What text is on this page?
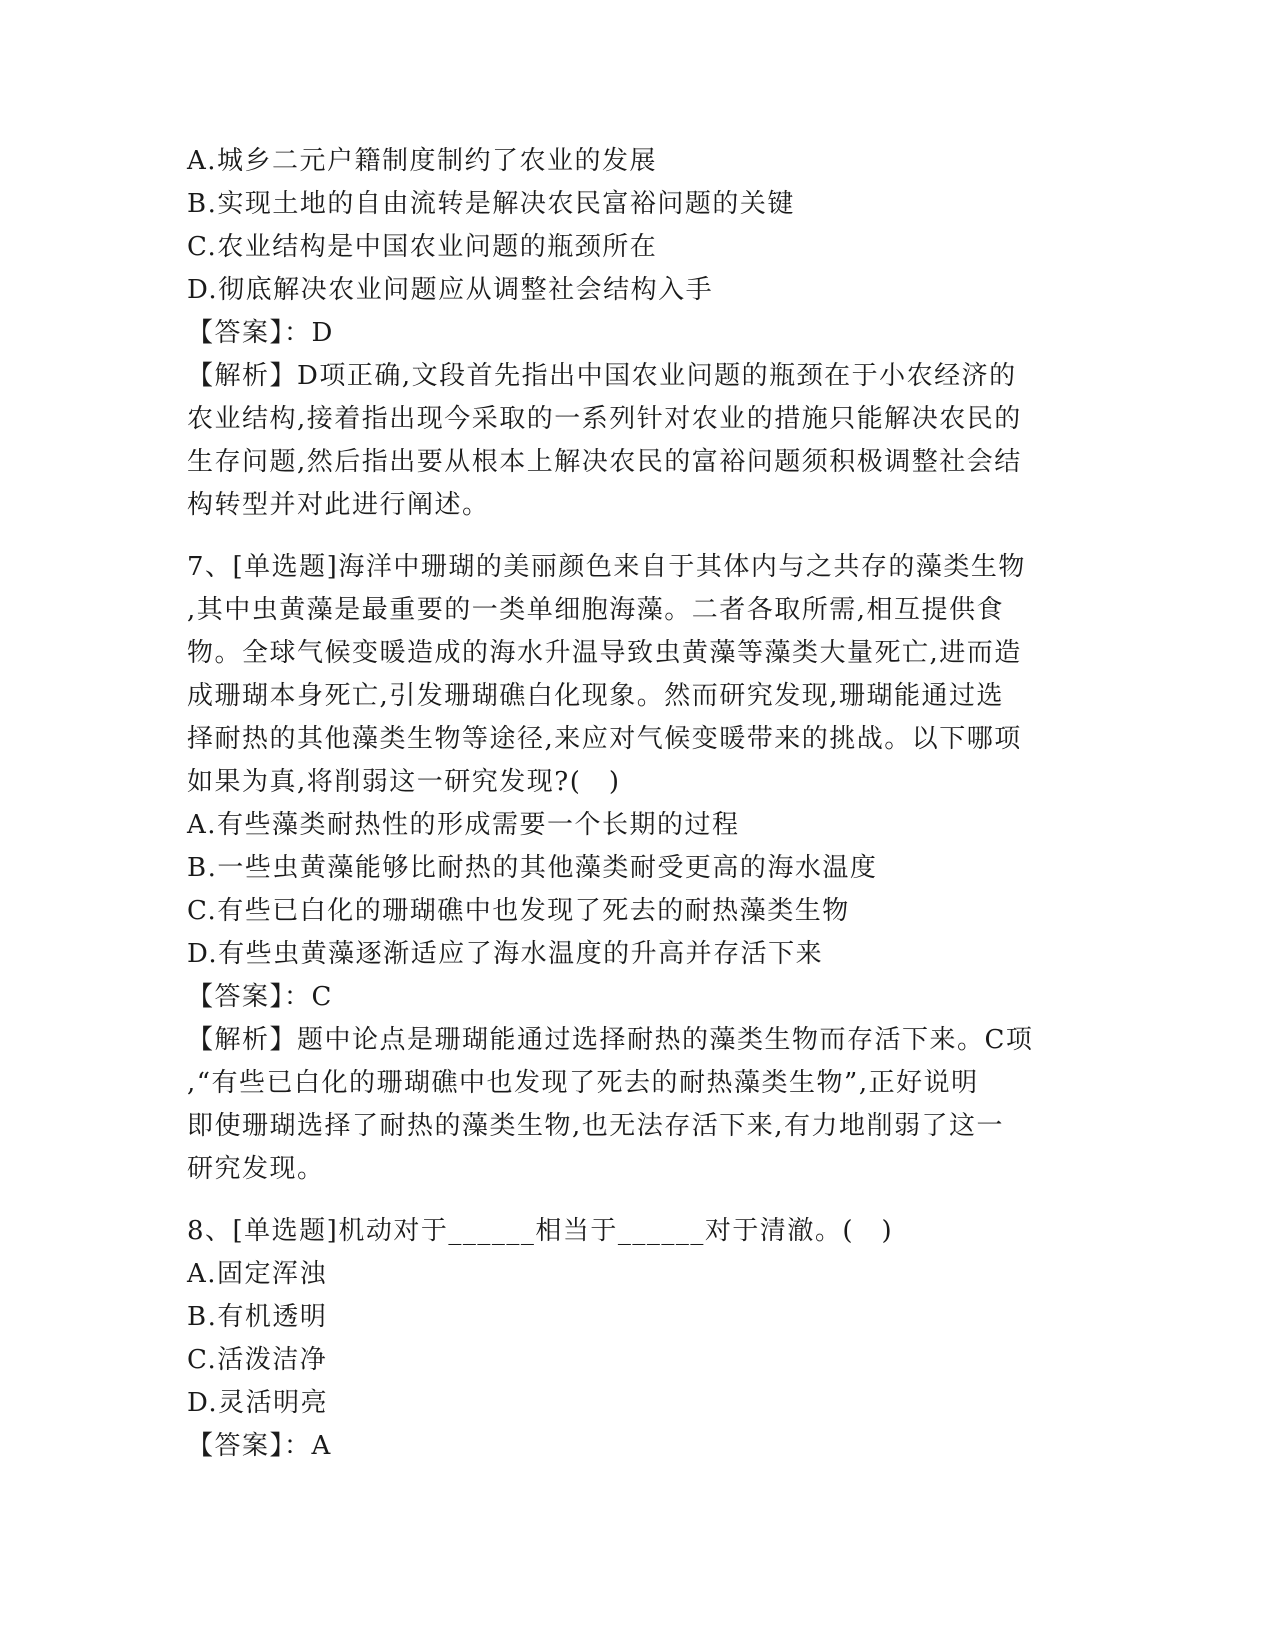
A.城乡二元户籍制度制约了农业的发展
B.实现土地的自由流转是解决农民富裕问题的关键
C.农业结构是中国农业问题的瓶颈所在
D.彻底解决农业问题应从调整社会结构入手
【答案】：D
【解析】D项正确,文段首先指出中国农业问题的瓶颈在于小农经济的
农业结构,接着指出现今采取的一系列针对农业的措施只能解决农民的
生存问题,然后指出要从根本上解决农民的富裕问题须积极调整社会结
构转型并对此进行阐述。
7、[单选题]海洋中珊瑚的美丽颜色来自于其体内与之共存的藻类生物
,其中虫黄藻是最重要的一类单细胞海藻。二者各取所需,相互提供食
物。全球气候变暖造成的海水升温导致虫黄藻等藻类大量死亡,进而造
成珊瑚本身死亡,引发珊瑚礁白化现象。然而研究发现,珊瑚能通过选
择耐热的其他藻类生物等途径,来应对气候变暖带来的挑战。以下哪项
如果为真,将削弱这一研究发现?(　)
A.有些藻类耐热性的形成需要一个长期的过程
B.一些虫黄藻能够比耐热的其他藻类耐受更高的海水温度
C.有些已白化的珊瑚礁中也发现了死去的耐热藻类生物
D.有些虫黄藻逐渐适应了海水温度的升高并存活下来
【答案】：C
【解析】题中论点是珊瑚能通过选择耐热的藻类生物而存活下来。C项
,“有些已白化的珊瑚礁中也发现了死去的耐热藻类生物”,正好说明
即使珊瑚选择了耐热的藻类生物,也无法存活下来,有力地削弱了这一
研究发现。
8、[单选题]机动对于______相当于______对于清澈。(　)
A.固定浑浊
B.有机透明
C.活泼洁净
D.灵活明亮
【答案】：A
